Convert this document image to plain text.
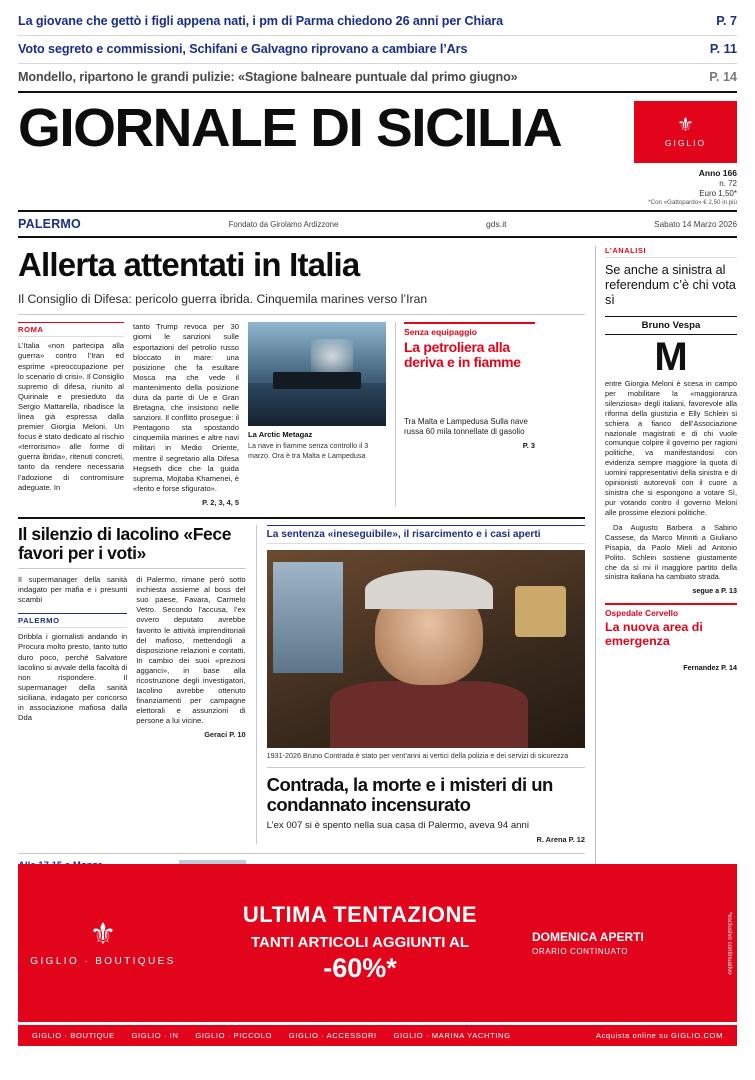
La giovane che gettò i figli appena nati, i pm di Parma chiedono 26 anni per Chiara	P. 7
Voto segreto e commissioni, Schifani e Galvagno riprovano a cambiare l’Ars	P. 11
Mondello, ripartono le grandi pulizie: «Stagione balneare puntuale dal primo giugno»	P. 14
GIORNALE DI SICILIA	⚜
GIGLIO
Anno 166
n. 72
Euro 1,50*
*Con «Gattopardo» € 2,50 in più
PALERMO	Fondato da Girolamo Ardizzone	gds.it	Sabato 14 Marzo 2026
Allerta attentati in Italia
Il Consiglio di Difesa: pericolo guerra ibrida. Cinquemila marines verso l’Iran
ROMA
L’Italia «non partecipa alla guerra» contro l’Iran ed esprime «preoccupazione per lo scenario di crisi». Il Consiglio supremo di difesa, riunito al Quirinale e presieduto da Sergio Mattarella, ribadisce la linea già espressa dalla premier Giorgia Meloni. Un focus è stato dedicato al rischio «terrorismo» alle forme di guerra ibrida», ritenuti concreti, tanto da rendere necessaria l’adozione di contromisure adeguate. In
tanto Trump revoca per 30 giorni le sanzioni sulle esportazioni del petrolio russo bloccato in mare: una posizione che fa esultare Mosca ma che vede il mantenimento della posizione dura da parte di Ue e Gran Bretagna, che insistono nelle sanzioni. Il conflitto prosegue: il Pentagono sta spostando cinquemila marines e altre navi militari in Medio Oriente, mentre il segretario alla Difesa Hegseth dice che la guida suprema, Mojtaba Khamenei, è «ferito e forse sfigurato».
P. 2, 3, 4, 5
La Arctic Metagaz
La nave in fiamme senza controllo il 3 marzo. Ora è tra Malta e Lampedusa
Senza equipaggio
La petroliera alla deriva e in fiamme
Tra Malta e Lampedusa Sulla nave russa 60 mila tonnellate di gasolio
P. 3
Il silenzio di Iacolino «Fece favori per i voti»
Il supermanager della sanità indagato per mafia e i presunti scambi
PALERMO
Dribbla i giornalisti andando in Procura molto presto, tanto tutto duro poco, perché Salvatore Iacolino si avvale della facoltà di non rispondere. Il supermanager della sanità siciliana, indagato per concorso in associazione mafiosa dalla Dda
di Palermo, rimane però sotto inchiesta assieme al boss del suo paese, Favara, Carmelo Vetro. Secondo l’accusa, l’ex ovvero deputato avrebbe favorito le attività imprenditoriali del mafioso, mettendogli a disposizione relazioni e contatti. In cambio dei suoi «preziosi agganci», in base alla ricostruzione degli investigatori, Iacolino avrebbe ottenuto finanziamenti per campagne elettorali e assunzioni di persone a lui vicine.
Geraci P. 10
La sentenza «ineseguibile», il risarcimento e i casi aperti
1931-2026 Bruno Contrada è stato per vent’anni ai vertici della polizia e dei servizi di sicurezza
Contrada, la morte e i misteri di un condannato incensurato
L’ex 007 si è spento nella sua casa di Palermo, aveva 94 anni
R. Arena P. 12
L’ANALISI
Se anche a sinistra al referendum c’è chi vota sì
Bruno Vespa
M
entre Giorgia Meloni è scesa in campo per mobilitare la «maggioranza silenziosa» degli italiani, favorevole alla riforma della giustizia e Elly Schlein si schiera a fianco dell’Associazione nazionale magistrati e di chi vuole comunque colpire il governo per ragioni politiche, va manifestandosi con evidenza sempre maggiore la quota di uomini rappresentativi della sinistra e di opinionisti autorevoli con il cuore a sinistra che si espongono a votare Sì, pur votando contro il governo Meloni alle prossime elezioni politiche.
Da Augusto Barbera a Sabino Cassese, da Marco Minniti a Giuliano Pisapia, da Paolo Mieli ad Antonio Polito. Schlein sostiene giustamente che da sì mi il maggiore partito della sinistra italiana ha cambiato strada.
segue a P. 13
Ospedale Cervello
La nuova area di emergenza
Fernandez P. 14
⚜
GIGLIO · BOUTIQUES
ULTIMA TENTAZIONE
TANTI ARTICOLI AGGIUNTI AL
-60%*
DOMENICA APERTI
ORARIO CONTINUATO	*esclusivo continuativo
GIGLIO · BOUTIQUE GIGLIO · IN GIGLIO · PICCOLO GIGLIO · ACCESSORI GIGLIO · MARINA YACHTING	Acquista online su GIGLIO.COM
